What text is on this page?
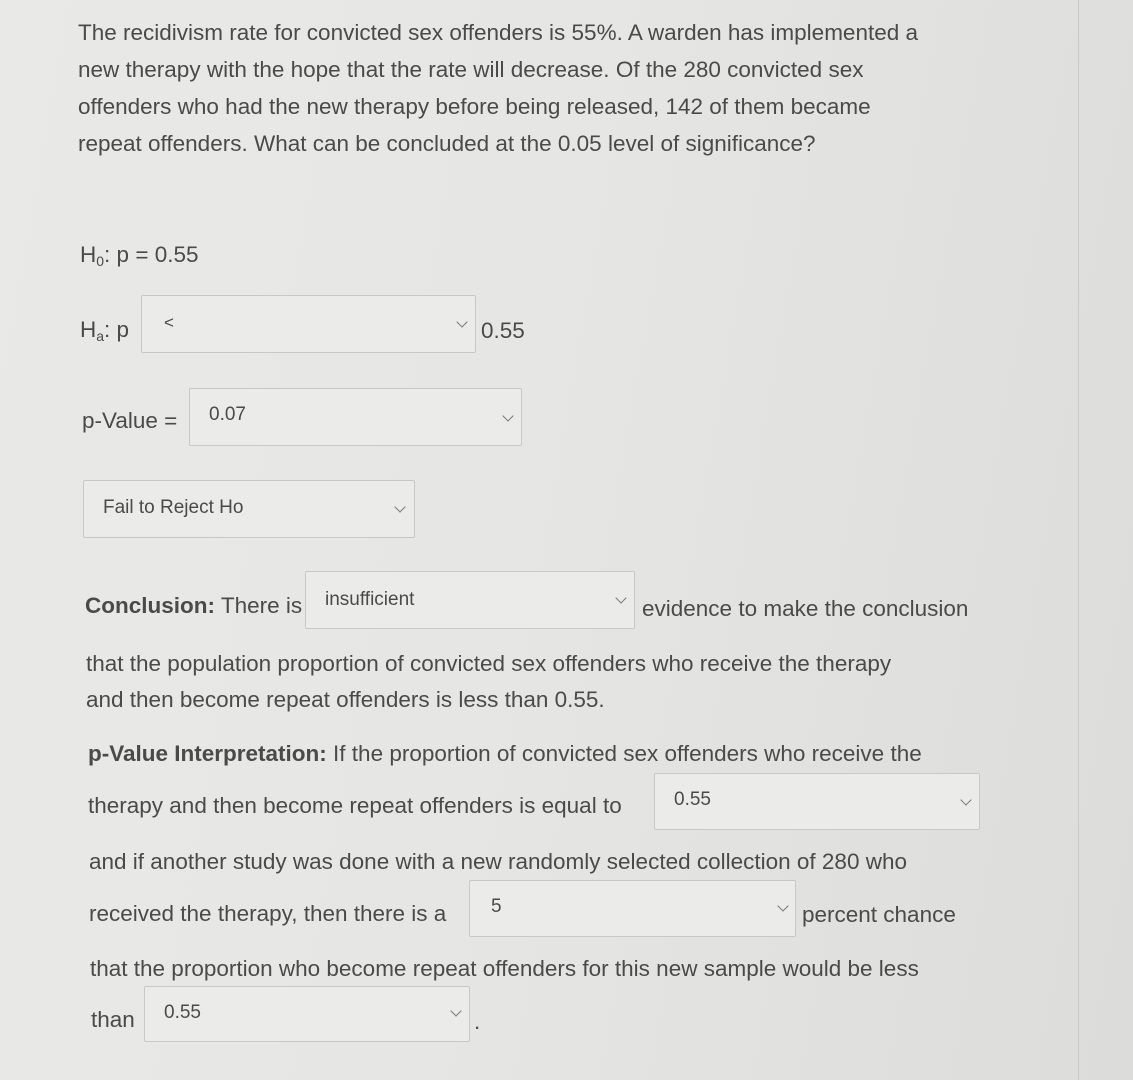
The recidivism rate for convicted sex offenders is 55%. A warden has implemented a
new therapy with the hope that the rate will decrease. Of the 280 convicted sex
offenders who had the new therapy before being released, 142 of them became
repeat offenders. What can be concluded at the 0.05 level of significance?
$H_0$: p = 0.55
$H_a$: p <	0.55
p-Value = 0.07
Fail to Reject Ho
Conclusion: There is insufficient	evidence to make the conclusion
that the population proportion of convicted sex offenders who receive the therapy
and then become repeat offenders is less than 0.55.
p-Value Interpretation: If the proportion of convicted sex offenders who receive the
therapy and then become repeat offenders is equal to	0.55
and if another study was done with a new randomly selected collection of 280 who
received the therapy, then there is a 5	percent chance
that the proportion who become repeat offenders for this new sample would be less
than 0.55	.
